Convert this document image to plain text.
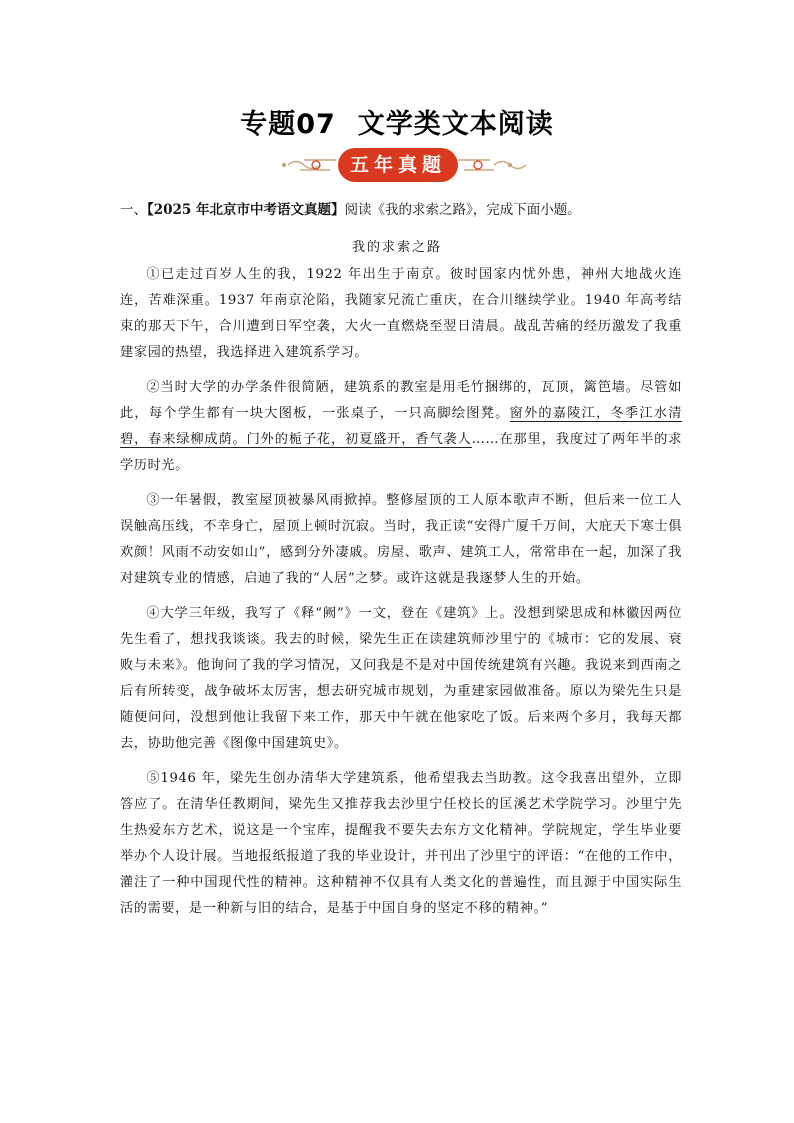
专题07 文学类文本阅读
五年真题
一、【2025 年北京市中考语文真题】阅读《我的求索之路》，完成下面小题。
我的求索之路

①已走过百岁人生的我，1922 年出生于南京。彼时国家内忧外患，神州大地战火连连，苦难深重。1937 年南京沦陷，我随家兄流亡重庆，在合川继续学业。1940 年高考结束的那天下午，合川遭到日军空袭，大火一直燃烧至翌日清晨。战乱苦痛的经历激发了我重建家园的热望，我选择进入建筑系学习。

②当时大学的办学条件很简陋，建筑系的教室是用毛竹捆绑的，瓦顶，篱笆墙。尽管如此，每个学生都有一块大图板，一张桌子，一只高脚绘图凳。窗外的嘉陵江，冬季江水清碧，春来绿柳成荫。门外的栀子花，初夏盛开，香气袭人……在那里，我度过了两年半的求学历时光。

③一年暑假，教室屋顶被暴风雨掀掉。整修屋顶的工人原本歌声不断，但后来一位工人误触高压线，不幸身亡，屋顶上顿时沉寂。当时，我正读“安得广厦千万间，大庇天下寒士俱欢颜！风雨不动安如山”，感到分外凄戚。房屋、歌声、建筑工人，常常串在一起，加深了我对建筑专业的情感，启迪了我的“人居”之梦。或许这就是我逐梦人生的开始。

④大学三年级，我写了《释“阙”》一文，登在《建筑》上。没想到梁思成和林徽因两位先生看了，想找我谈谈。我去的时候，梁先生正在读建筑师沙里宁的《城市：它的发展、衰败与未来》。他询问了我的学习情况，又问我是不是对中国传统建筑有兴趣。我说来到西南之后有所转变，战争破坏太厉害，想去研究城市规划，为重建家园做准备。原以为梁先生只是随便问问，没想到他让我留下来工作，那天中午就在他家吃了饭。后来两个多月，我每天都去，协助他完善《图像中国建筑史》。

⑤1946 年，梁先生创办清华大学建筑系，他希望我去当助教。这令我喜出望外，立即答应了。在清华任教期间，梁先生又推荐我去沙里宁任校长的匡溪艺术学院学习。沙里宁先生热爱东方艺术，说这是一个宝库，提醒我不要失去东方文化精神。学院规定，学生毕业要举办个人设计展。当地报纸报道了我的毕业设计，并刊出了沙里宁的评语：“在他的工作中，灌注了一种中国现代性的精神。这种精神不仅具有人类文化的普遍性，而且源于中国实际生活的需要，是一种新与旧的结合，是基于中国自身的坚定不移的精神。”
